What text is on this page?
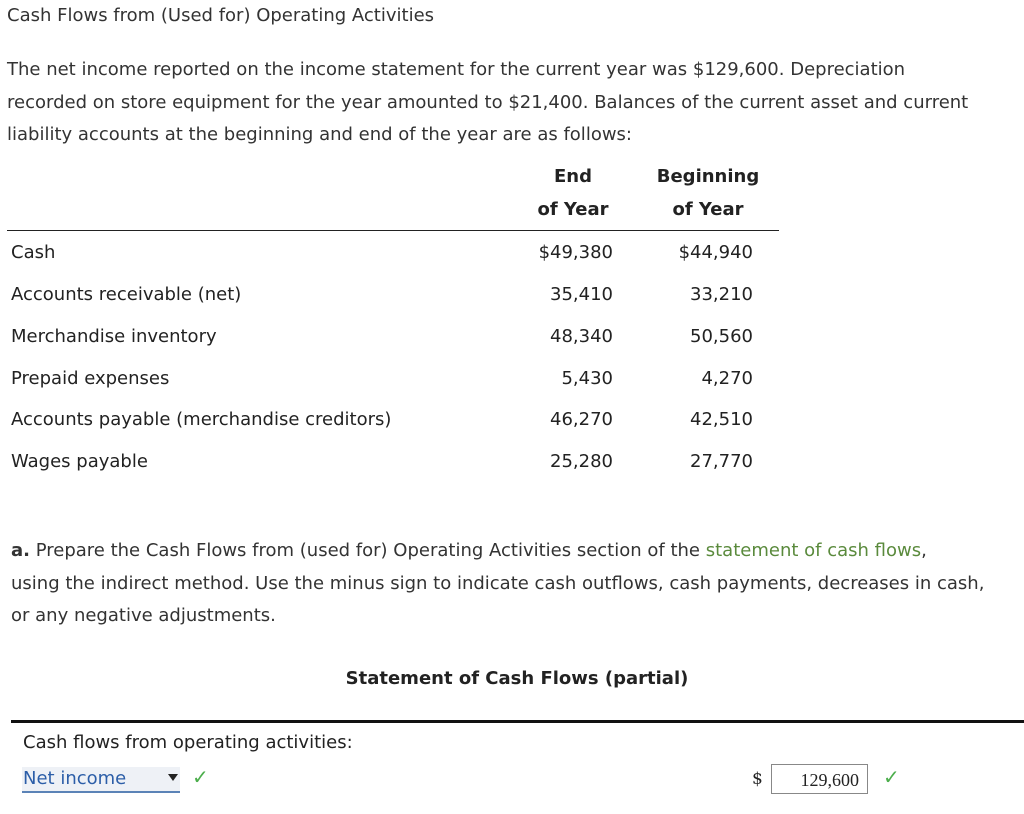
Cash Flows from (Used for) Operating Activities
The net income reported on the income statement for the current year was $129,600. Depreciation
recorded on store equipment for the year amounted to $21,400. Balances of the current asset and current
liability accounts at the beginning and end of the year are as follows:
End
of Year
Beginning
of Year
Cash	$49,380	$44,940
Accounts receivable (net)	35,410	33,210
Merchandise inventory	48,340	50,560
Prepaid expenses	5,430	4,270
Accounts payable (merchandise creditors)	46,270	42,510
Wages payable	25,280	27,770
a. Prepare the Cash Flows from (used for) Operating Activities section of the statement of cash flows,
using the indirect method. Use the minus sign to indicate cash outflows, cash payments, decreases in cash,
or any negative adjustments.
Statement of Cash Flows (partial)
Cash flows from operating activities:
Net income	✓	$	129,600	✓
